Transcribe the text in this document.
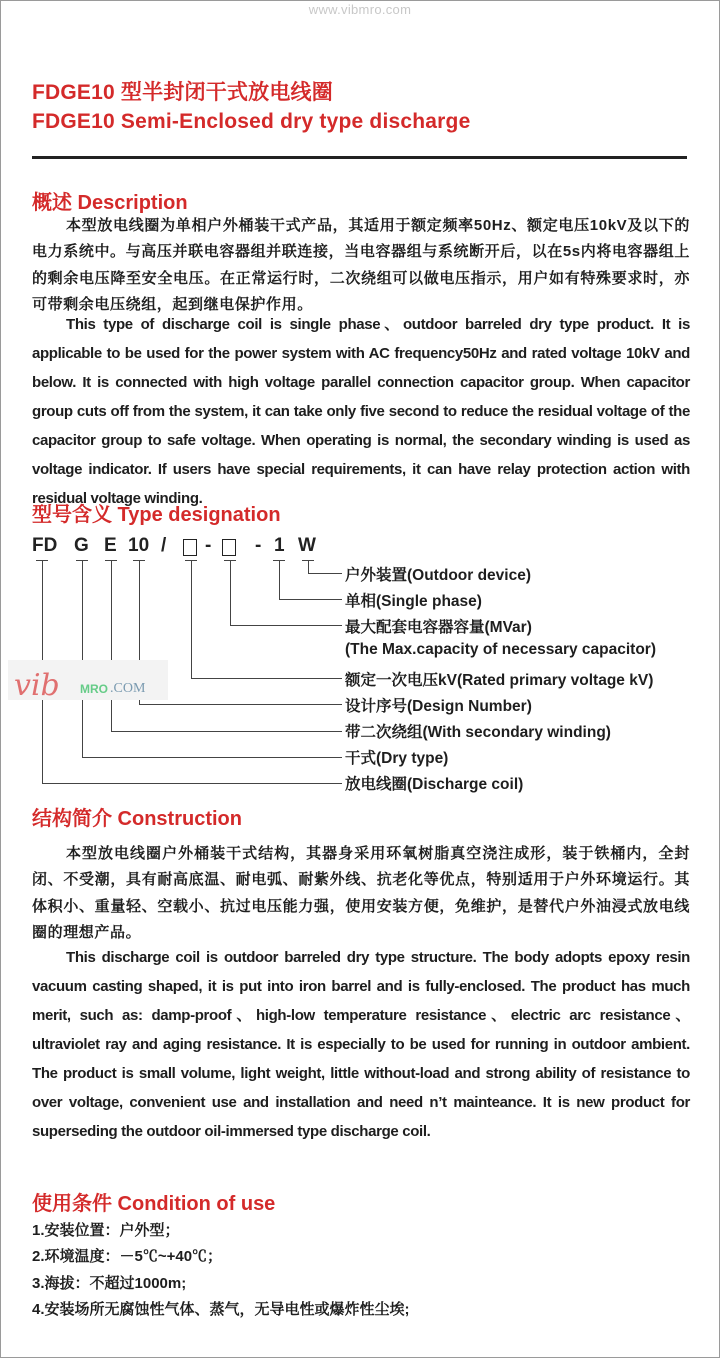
www.vibmro.com
FDGE10 型半封闭干式放电线圈
FDGE10 Semi-Enclosed dry type discharge
概述 Description
本型放电线圈为单相户外桶装干式产品，其适用于额定频率50Hz、额定电压10kV及以下的电力系统中。与高压并联电容器组并联连接，当电容器组与系统断开后，以在5s内将电容器组上的剩余电压降至安全电压。在正常运行时，二次绕组可以做电压指示，用户如有特殊要求时，亦可带剩余电压绕组，起到继电保护作用。
This type of discharge coil is single phase、outdoor barreled dry type product. It is applicable to be used for the power system with AC frequency50Hz and rated voltage 10kV and below. It is connected with high voltage parallel connection capacitor group. When capacitor group cuts off from the system, it can take only five second to reduce the residual voltage of the capacitor group to safe voltage. When operating is normal, the secondary winding is used as voltage indicator. If users have special requirements, it can have relay protection action with residual voltage winding.
型号含义 Type designation
FD G E 10 / - - 1 W
户外装置(Outdoor device)
单相(Single phase)
最大配套电容器容量(MVar)
(The Max.capacity of necessary capacitor)
额定一次电压kV(Rated primary voltage kV)
设计序号(Design Number)
带二次绕组(With secondary winding)
干式(Dry type)
放电线圈(Discharge coil)
vib MRO .COM
结构简介 Construction
本型放电线圈户外桶装干式结构，其器身采用环氧树脂真空浇注成形，装于铁桶内，全封闭、不受潮，具有耐高底温、耐电弧、耐紫外线、抗老化等优点，特别适用于户外环境运行。其体积小、重量轻、空载小、抗过电压能力强，使用安装方便，免维护，是替代户外油浸式放电线圈的理想产品。
This discharge coil is outdoor barreled dry type structure. The body adopts epoxy resin vacuum casting shaped, it is put into iron barrel and is fully-enclosed. The product has much merit, such as: damp-proof、high-low temperature resistance、electric arc resistance、ultraviolet ray and aging resistance. It is especially to be used for running in outdoor ambient. The product is small volume, light weight, little without-load and strong ability of resistance to over voltage, convenient use and installation and need n’t mainteance. It is new product for superseding the outdoor oil-immersed type discharge coil.
使用条件 Condition of use
1.安装位置：户外型；
2.环境温度：－5℃~+40℃；
3.海拔：不超过1000m;
4.安装场所无腐蚀性气体、蒸气，无导电性或爆炸性尘埃;
